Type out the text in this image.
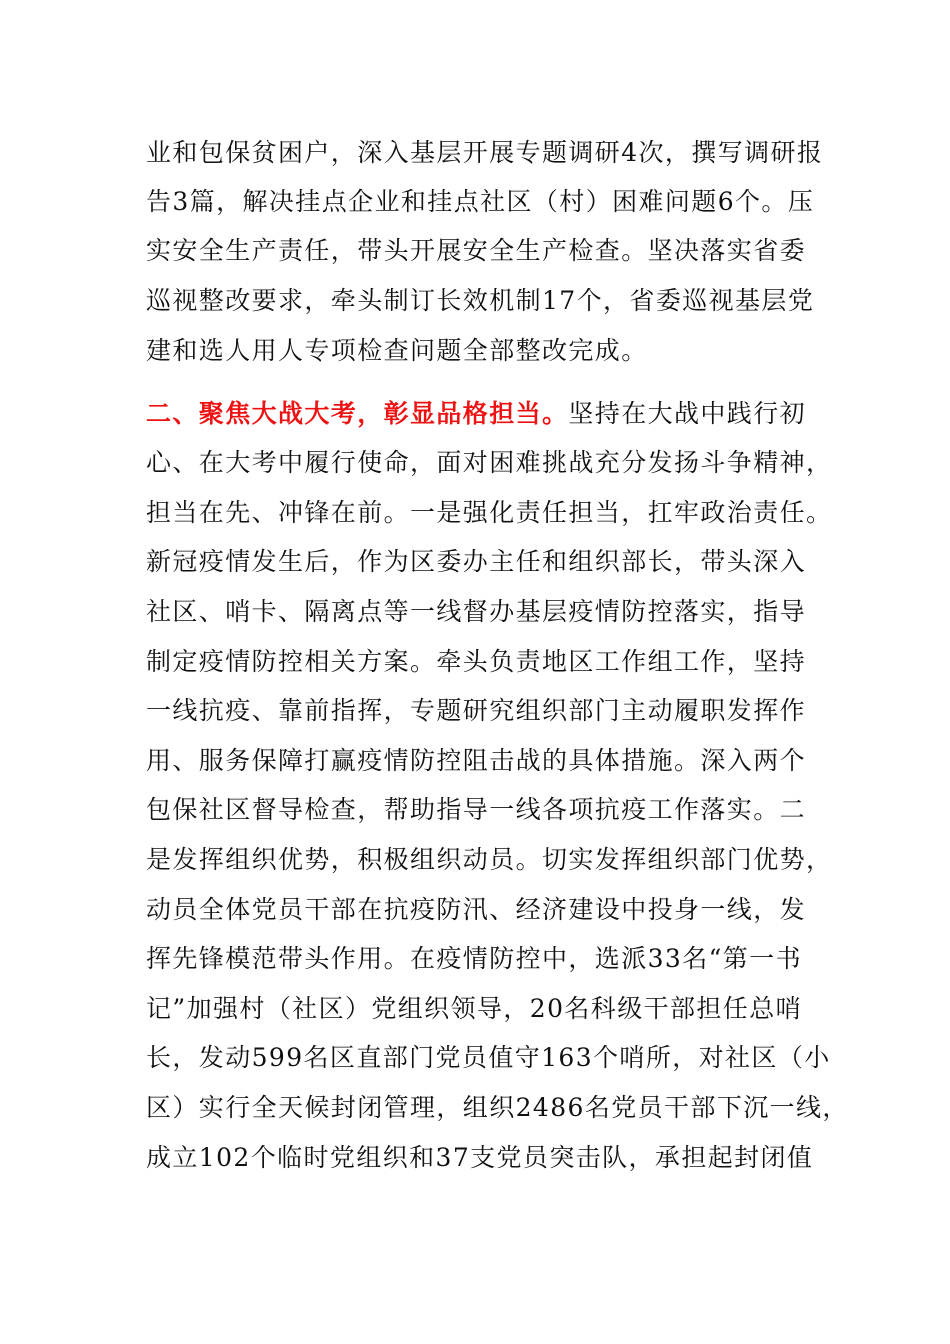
业和包保贫困户，深入基层开展专题调研4次，撰写调研报
告3篇，解决挂点企业和挂点社区（村）困难问题6个。压
实安全生产责任，带头开展安全生产检查。坚决落实省委
巡视整改要求，牵头制订长效机制17个，省委巡视基层党
建和选人用人专项检查问题全部整改完成。
二、聚焦大战大考，彰显品格担当。坚持在大战中践行初
心、在大考中履行使命，面对困难挑战充分发扬斗争精神，
担当在先、冲锋在前。一是强化责任担当，扛牢政治责任。
新冠疫情发生后，作为区委办主任和组织部长，带头深入
社区、哨卡、隔离点等一线督办基层疫情防控落实，指导
制定疫情防控相关方案。牵头负责地区工作组工作，坚持
一线抗疫、靠前指挥，专题研究组织部门主动履职发挥作
用、服务保障打赢疫情防控阻击战的具体措施。深入两个
包保社区督导检查，帮助指导一线各项抗疫工作落实。二
是发挥组织优势，积极组织动员。切实发挥组织部门优势，
动员全体党员干部在抗疫防汛、经济建设中投身一线，发
挥先锋模范带头作用。在疫情防控中，选派33名“第一书
记”加强村（社区）党组织领导，20名科级干部担任总哨
长，发动599名区直部门党员值守163个哨所，对社区（小
区）实行全天候封闭管理，组织2486名党员干部下沉一线，
成立102个临时党组织和37支党员突击队，承担起封闭值
